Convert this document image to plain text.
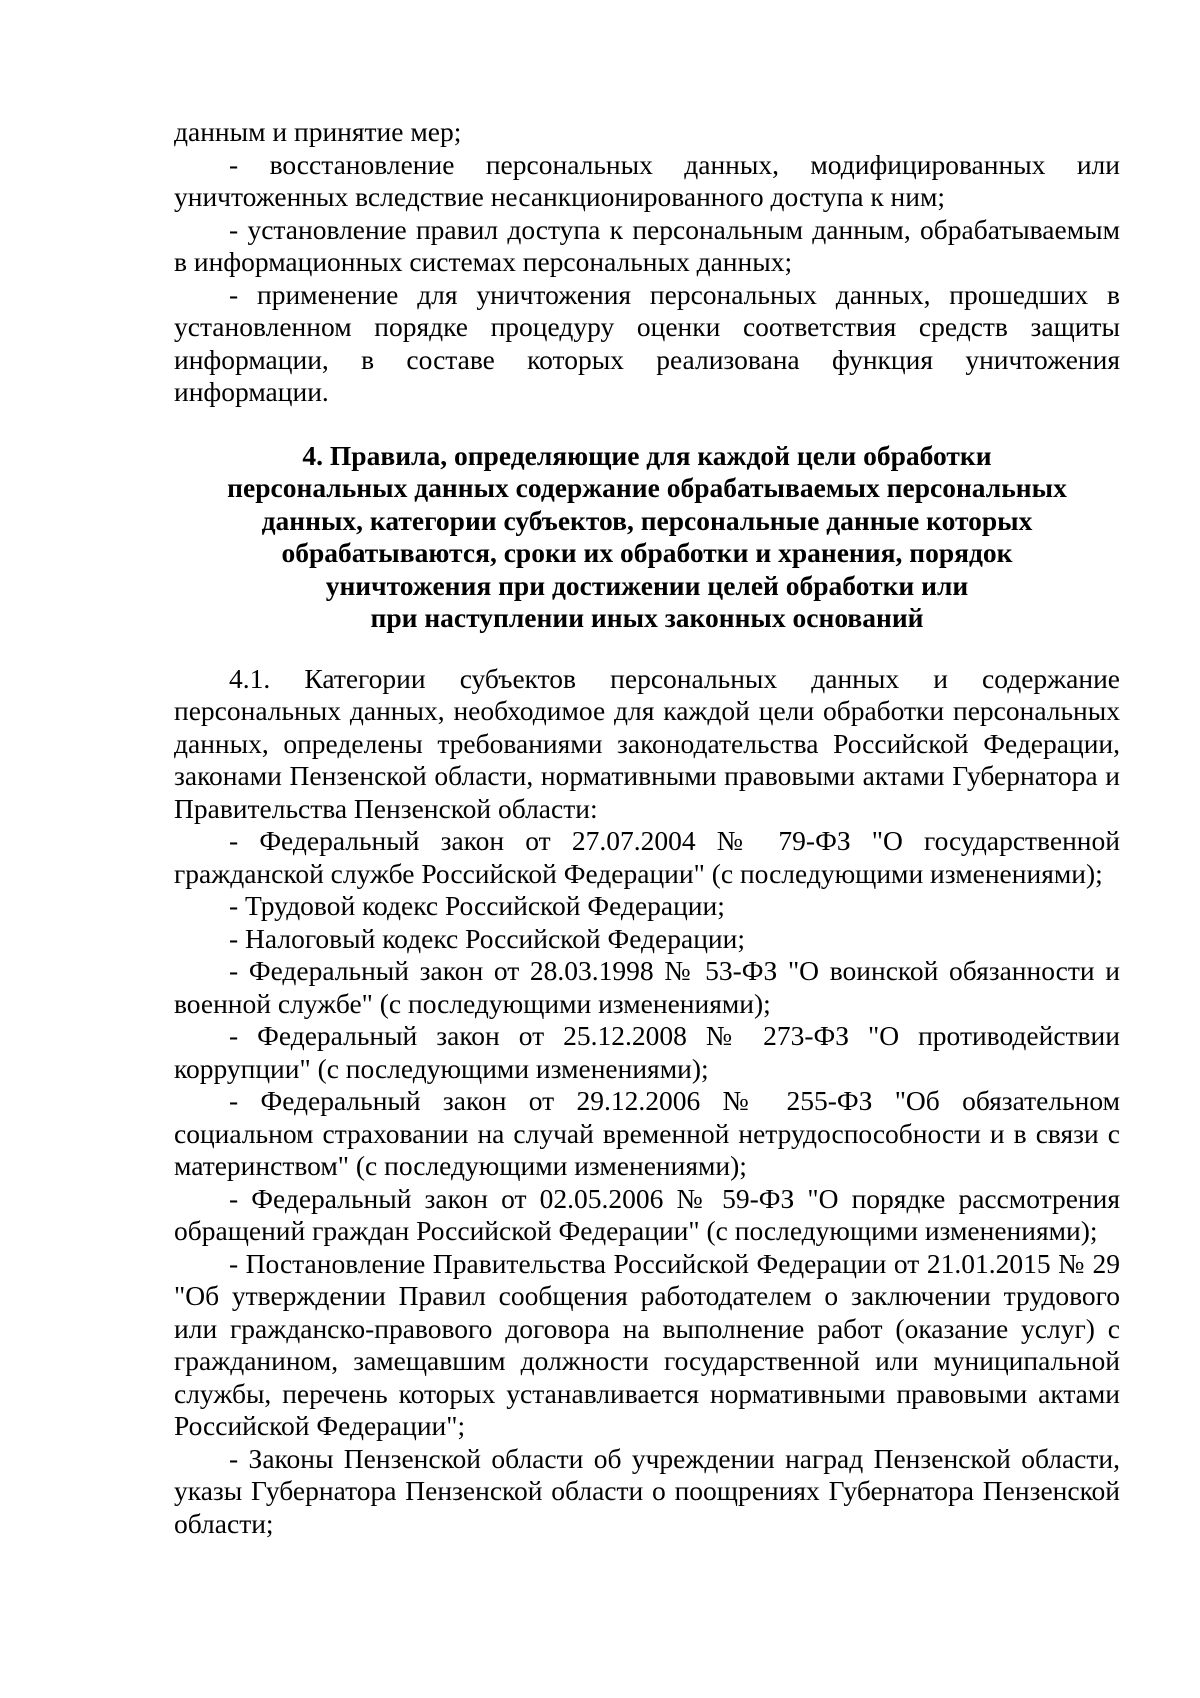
данным и принятие мер;

- восстановление персональных данных, модифицированных или уничтоженных вследствие несанкционированного доступа к ним;

- установление правил доступа к персональным данным, обрабатываемым в информационных системах персональных данных;

- применение для уничтожения персональных данных, прошедших в установленном порядке процедуру оценки соответствия средств защиты информации, в составе которых реализована функция уничтожения информации.

4. Правила, определяющие для каждой цели обработки
персональных данных содержание обрабатываемых персональных
данных, категории субъектов, персональные данные которых
обрабатываются, сроки их обработки и хранения, порядок
уничтожения при достижении целей обработки или
при наступлении иных законных оснований

4.1. Категории субъектов персональных данных и содержание персональных данных, необходимое для каждой цели обработки персональных данных, определены требованиями законодательства Российской Федерации, законами Пензенской области, нормативными правовыми актами Губернатора и Правительства Пензенской области:

- Федеральный закон от 27.07.2004 № 79-ФЗ "О государственной гражданской службе Российской Федерации" (с последующими изменениями);

- Трудовой кодекс Российской Федерации;

- Налоговый кодекс Российской Федерации;

- Федеральный закон от 28.03.1998 № 53-ФЗ "О воинской обязанности и военной службе" (с последующими изменениями);

- Федеральный закон от 25.12.2008 № 273-ФЗ "О противодействии коррупции" (с последующими изменениями);

- Федеральный закон от 29.12.2006 № 255-ФЗ "Об обязательном социальном страховании на случай временной нетрудоспособности и в связи с материнством" (с последующими изменениями);

- Федеральный закон от 02.05.2006 № 59-ФЗ "О порядке рассмотрения обращений граждан Российской Федерации" (с последующими изменениями);

- Постановление Правительства Российской Федерации от 21.01.2015 № 29 "Об утверждении Правил сообщения работодателем о заключении трудового или гражданско-правового договора на выполнение работ (оказание услуг) с гражданином, замещавшим должности государственной или муниципальной службы, перечень которых устанавливается нормативными правовыми актами Российской Федерации";

- Законы Пензенской области об учреждении наград Пензенской области, указы Губернатора Пензенской области о поощрениях Губернатора Пензенской области;
